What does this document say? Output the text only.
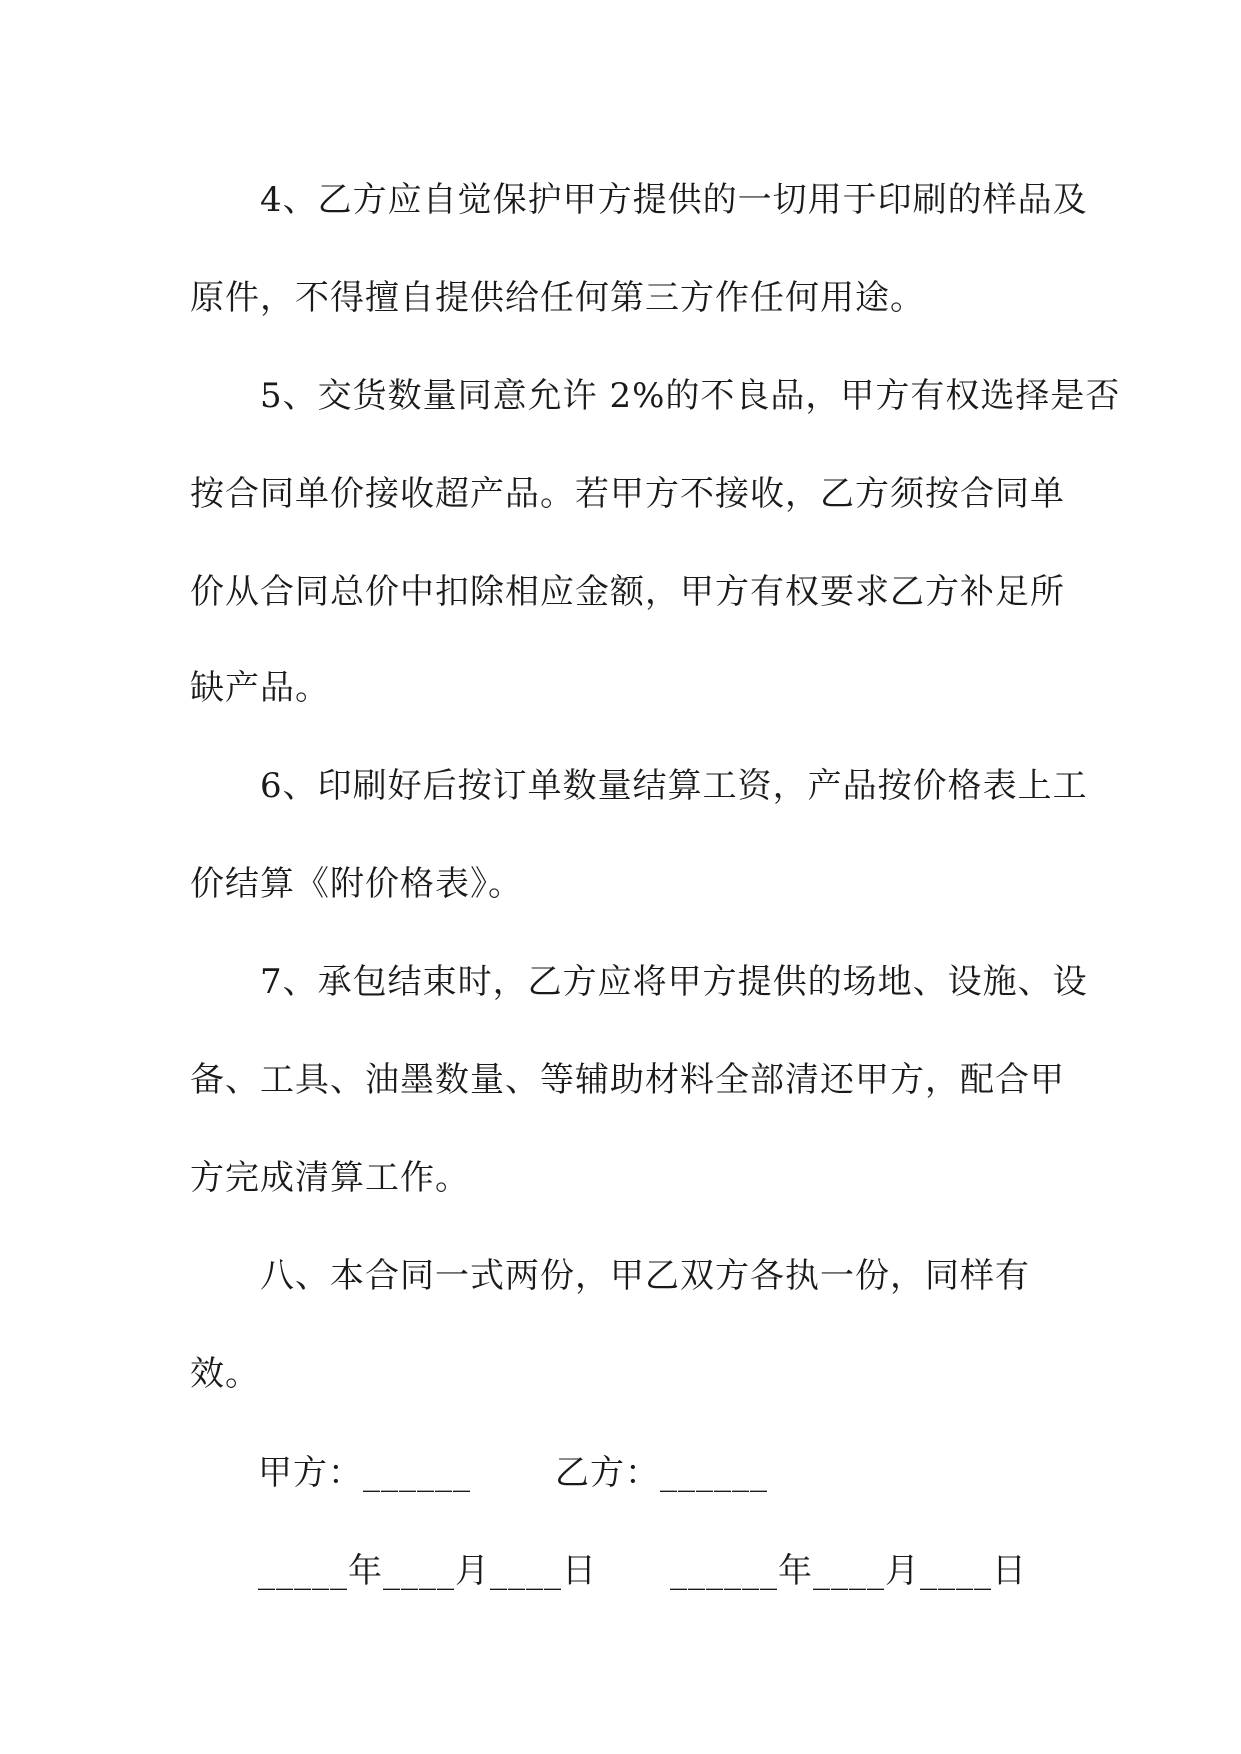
4、乙方应自觉保护甲方提供的一切用于印刷的样品及
原件，不得擅自提供给任何第三方作任何用途。
5、交货数量同意允许 2%的不良品，甲方有权选择是否
按合同单价接收超产品。若甲方不接收，乙方须按合同单
价从合同总价中扣除相应金额，甲方有权要求乙方补足所
缺产品。
6、印刷好后按订单数量结算工资，产品按价格表上工
价结算《附价格表》。
7、承包结束时，乙方应将甲方提供的场地、设施、设
备、工具、油墨数量、等辅助材料全部清还甲方，配合甲
方完成清算工作。
八、本合同一式两份，甲乙双方各执一份，同样有
效。
甲方：______ 乙方：______
_____年____月____日 ______年____月____日
